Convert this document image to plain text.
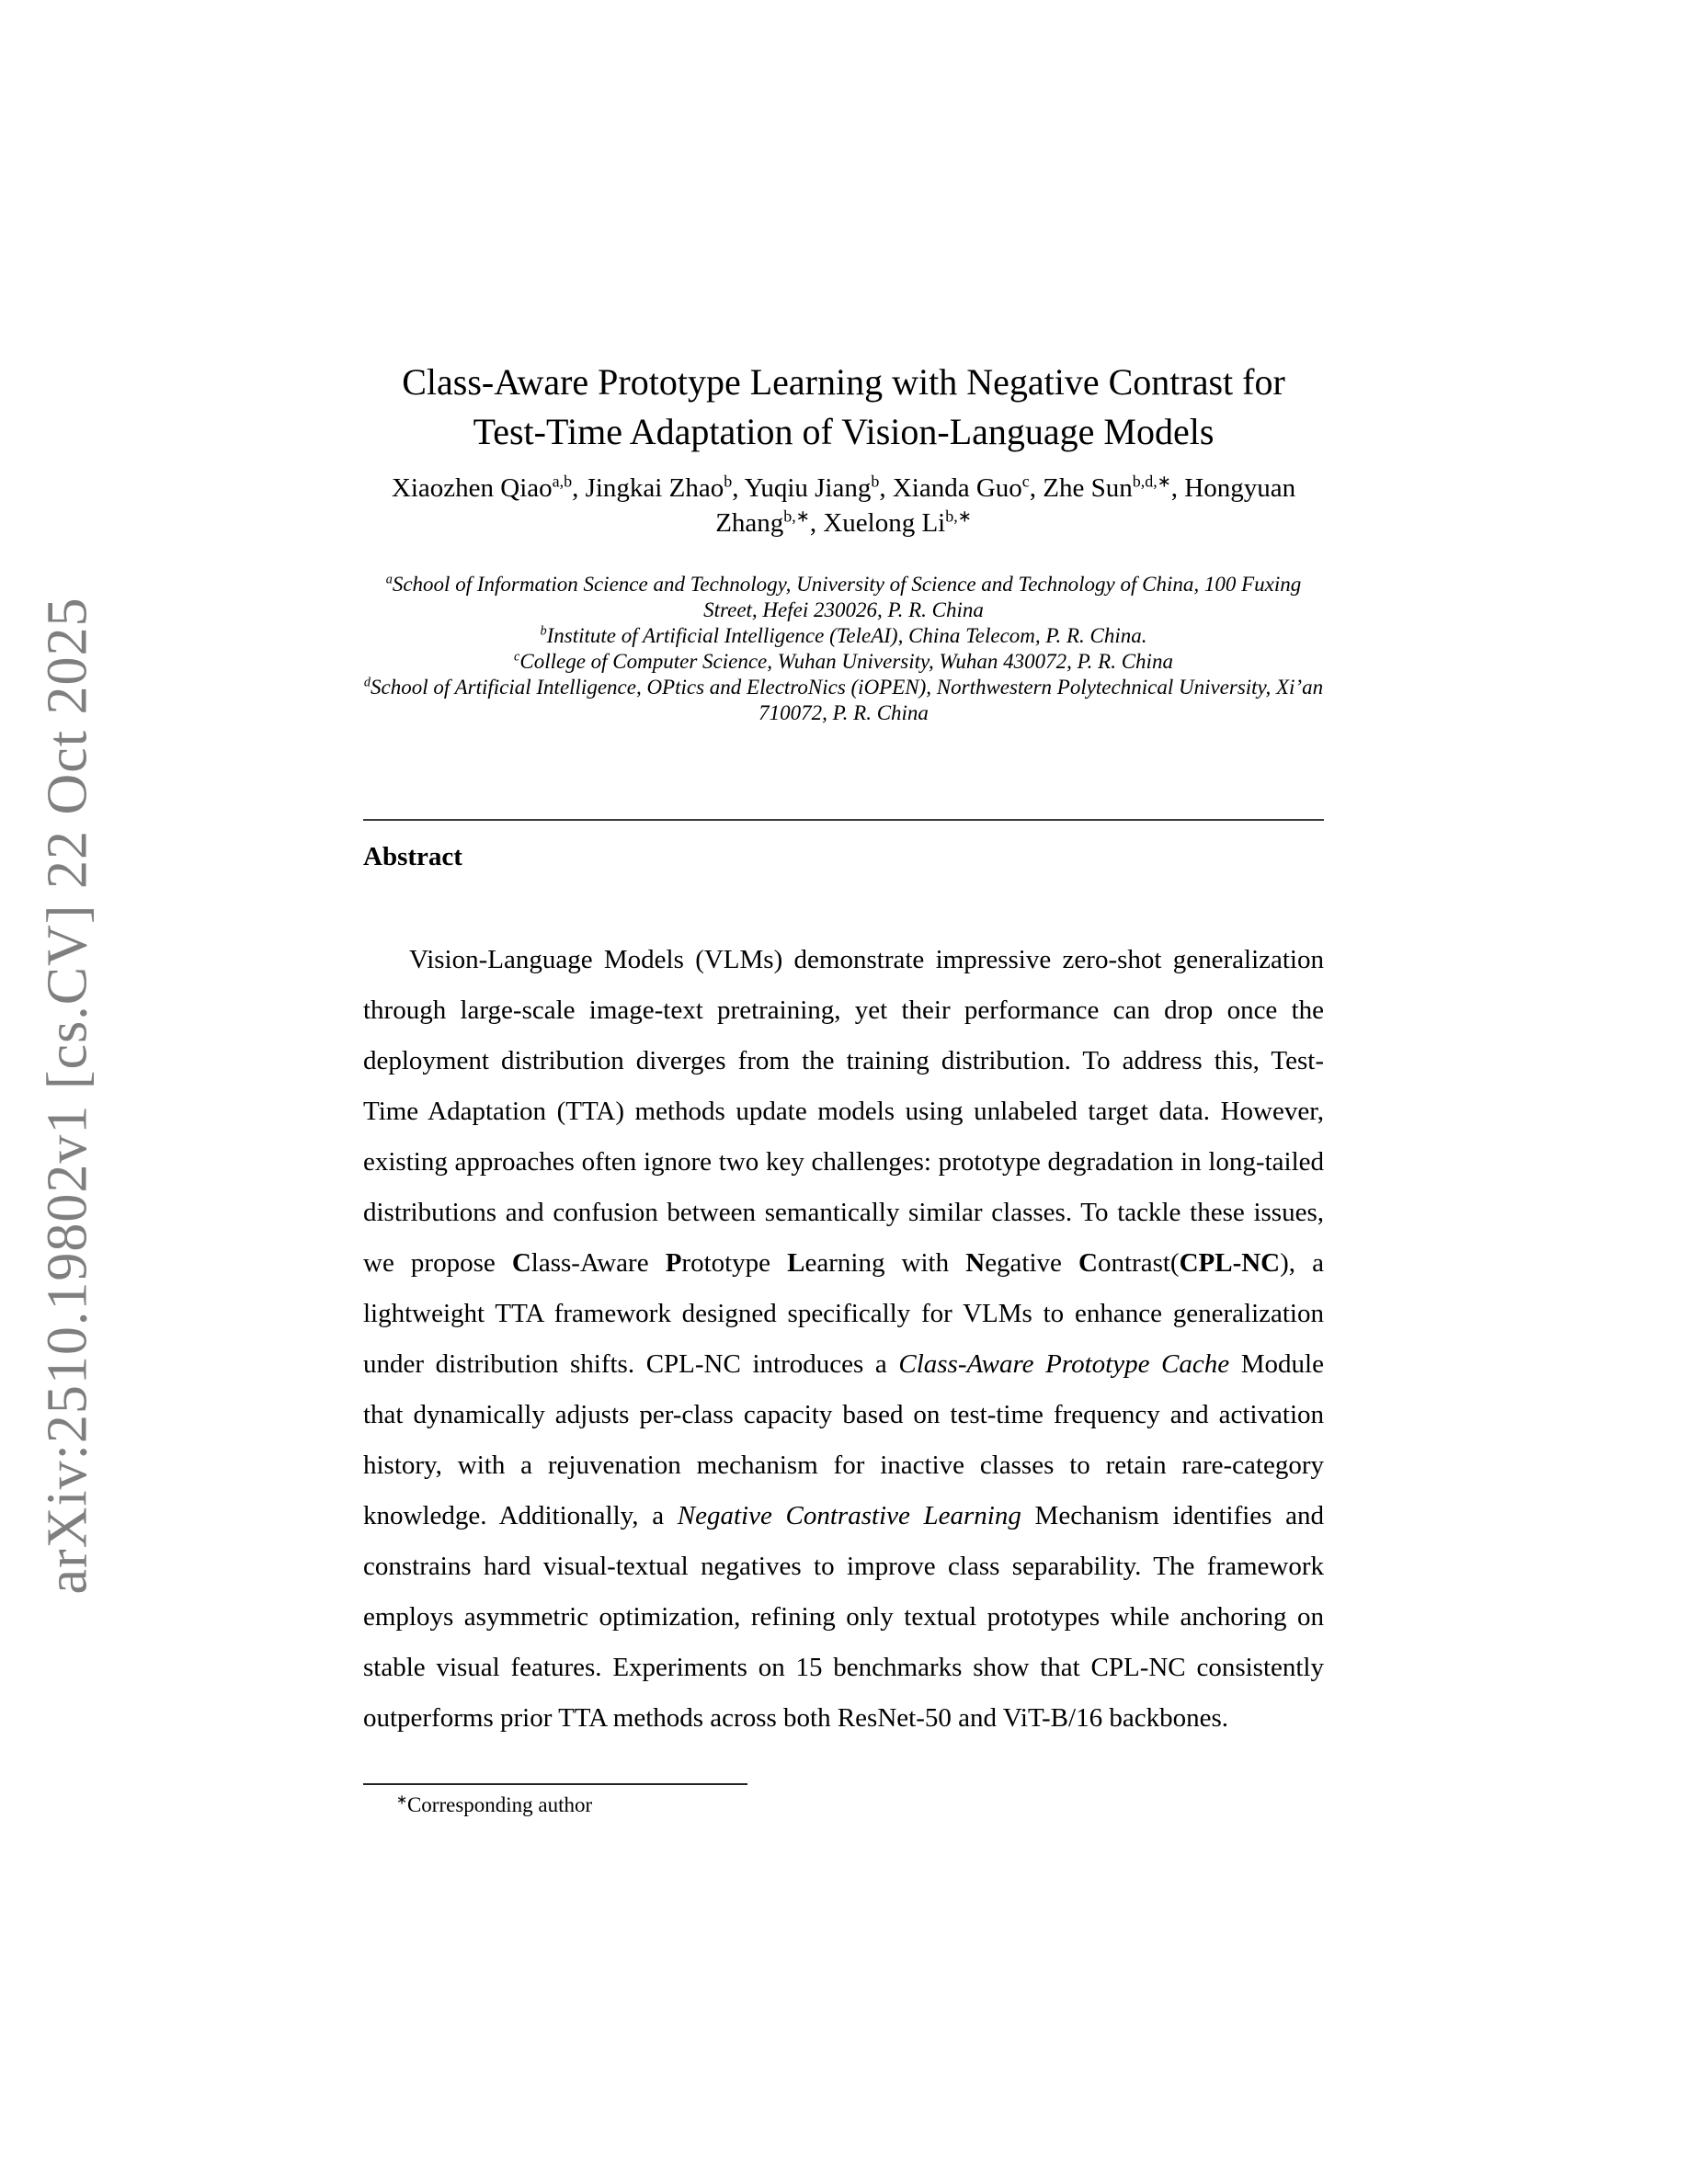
arXiv:2510.19802v1 [cs.CV] 22 Oct 2025
Class-Aware Prototype Learning with Negative Contrast for Test-Time Adaptation of Vision-Language Models
Xiaozhen Qiao$^{a,b}$, Jingkai Zhao$^b$, Yuqiu Jiang$^b$, Xianda Guo$^c$, Zhe Sun$^{b,d,∗}$, Hongyuan Zhang$^{b,∗}$, Xuelong $Li^{b,∗}$
$^a$School of Information Science and Technology, University of Science and Technology of China, 100 Fuxing Street, Hefei 230026, P. R. China
$^b$Institute of Artificial Intelligence (TeleAI), China Telecom, P. R. China.
$^c$College of Computer Science, Wuhan University, Wuhan 430072, P. R. China
$^d$School of Artificial Intelligence, OPtics and ElectroNics (iOPEN), Northwestern Polytechnical University, Xi’an 710072, P. R. China
Abstract

Vision-Language Models (VLMs) demonstrate impressive zero-shot generalization through large-scale image-text pretraining, yet their performance can drop once the deployment distribution diverges from the training distribution. To address this, Test-Time Adaptation (TTA) methods update models using unlabeled target data. However, existing approaches often ignore two key challenges: prototype degradation in long-tailed distributions and confusion between semantically similar classes. To tackle these issues, we propose Class-Aware Prototype Learning with Negative Contrast(CPL-NC), a lightweight TTA framework designed specifically for VLMs to enhance generalization under distribution shifts. CPL-NC introduces a Class-Aware Prototype Cache Module that dynamically adjusts per-class capacity based on test-time frequency and activation history, with a rejuvenation mechanism for inactive classes to retain rare-category knowledge. Additionally, a Negative Contrastive Learning Mechanism identifies and constrains hard visual-textual negatives to improve class separability. The framework employs asymmetric optimization, refining only textual prototypes while anchoring on stable visual features. Experiments on 15 benchmarks show that CPL-NC consistently outperforms prior TTA methods across both ResNet-50 and ViT-B/16 backbones.

∗Corresponding author
